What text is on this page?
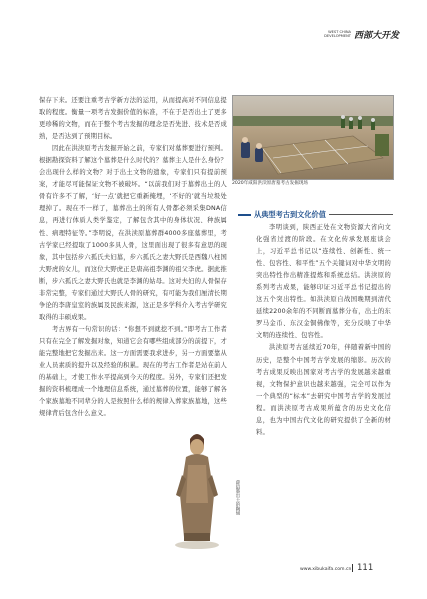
WEST CHINA
DEVELOPMENT 西部大开发

保存下来。还要注重考古学新方法的运用，从而提高对不同信息提取的程度。衡量一项考古发掘价值的标准，不在于是否出土了更多更珍稀的文物，而在于整个考古发掘的理念是否先进、技术是否成熟，是否达到了预期目标。

因此在洪渎原考古发掘开始之前，专家们对墓葬要进行预判。根据勘探资料了解这个墓葬是什么时代的？墓葬主人是什么身份？会出现什么样的文物？对于出土文物的遗象，专家们只有提前预案，才能尽可能保证文物不被破坏。“以前我们对于墓葬出土的人骨有许多不了解，‘好一点’就把它重新掩埋，‘不好的’就当垃圾处理掉了。现在不一样了，墓葬出土的所有人骨都必须采集DNA信息，再进行体质人类学鉴定，了解包含其中的身体状况、种族属性、病理特征等。”李明说，在洪渎原墓葬群4000多座墓葬里，考古学家已经提取了1000多具人骨，这里面出现了很多有意思的现象，其中包括步六孤氏夫妇墓，步六孤氏之妻大野氏是西魏八柱国大野虎的女儿，而这位大野虎正是唐高祖李渊的祖父李虎。据此推断，步六孤氏之妻大野氏也就是李渊的姑母。这对夫妇的人骨保存非常完整，专家们通过大野氏人骨的研究，有可能为我们厘清长期争论的李唐皇室的族属及民族来源，这正是多学科介入考古学研究取得的丰硕成果。

考古界有一句常识的话：“你想不到就挖不到。”即考古工作者只有在完全了解发掘对象，知道它会有哪些组成部分的前提下，才能完整地把它发掘出来。这一方面需要我求进步，另一方面要靠从业人员素质的提升以及经验的积累。现在的考古工作者是站在前人的基础上，才使工作水平提高到今天的程度。另外，专家们还把发掘的资料梳理成一个地理信息系统，通过墓葬的位置，能够了解各个家族墓地不同辈分的人是按照什么样的规律入葬家族墓地，这些规律背后包含什么意义。

2020年咸阳洪渎原唐墓考古发掘现场
从典型考古到文化价值

李明谈到，陕西正处在文物资源大省向文化强省过渡的阶段。在文化传承发展座谈会上，习近平总书记以“连续性、创新性、统一性、包容性、和平性”五个关键词对中华文明的突出特性作出精准提炼和系统总结。洪渎原的系列考古成果，能够印证习近平总书记提出的这五个突出特性。如洪渎原自战国晚期到清代延续2200余年的不同断面墓葬分布，出土的东罗马金币、东汉金铜佛像等，充分反映了中华文明的连续性、包容性。

洪渎原考古延续近70年，伴随着新中国的历史，是整个中国考古学发展的缩影。历次的考古成果反映出国家对考古学的发展越来越重视，文物保护意识也越来越强，完全可以作为一个典型的“标本”去研究中国考古学的发展过程。而洪渎原考古成果所蕴含的历史文化信息，也为中国古代文化的研究提供了全新的材料。

薛绍墓出土的陶俑
www.xibukaifa.com.cn 111
